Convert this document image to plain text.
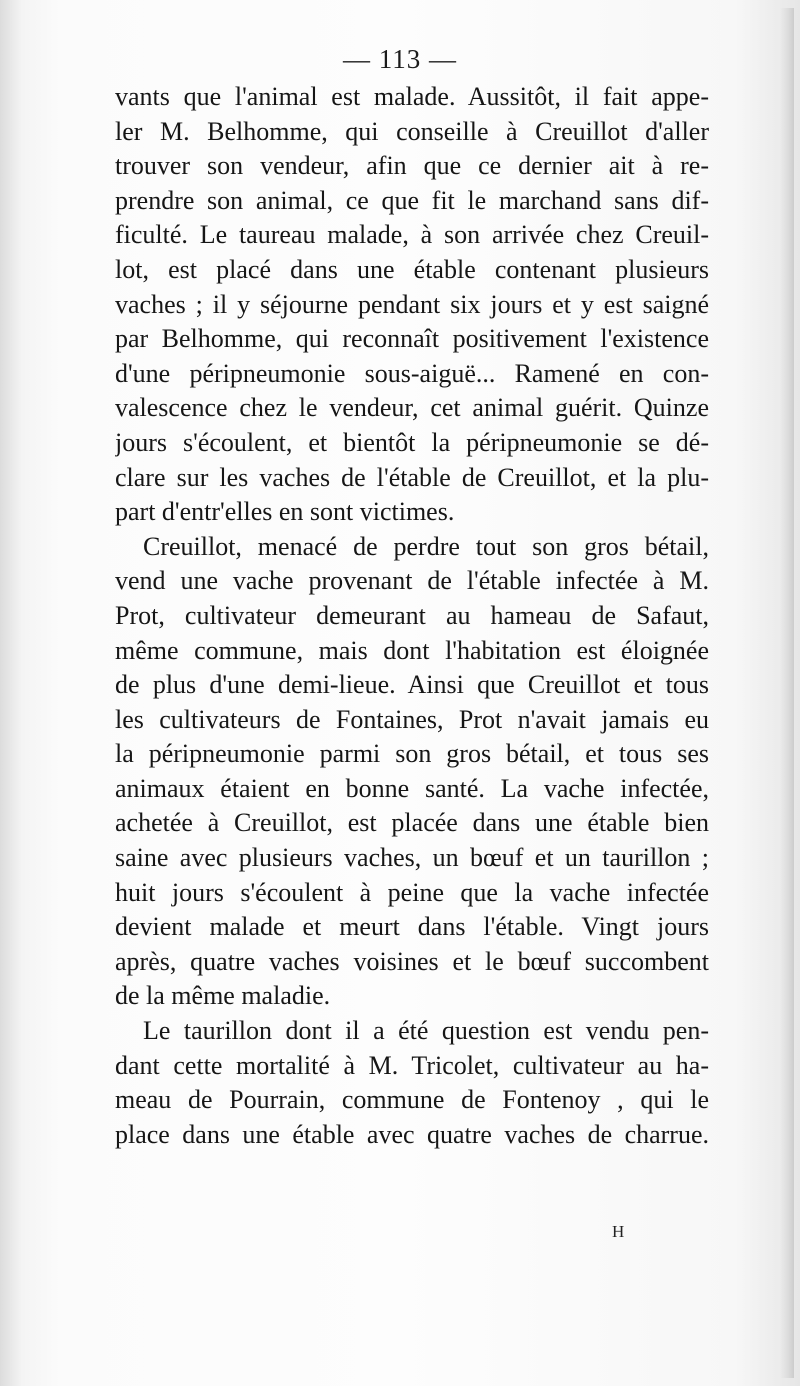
— 113 —
vants que l'animal est malade. Aussitôt, il fait appe-
ler M. Belhomme, qui conseille à Creuillot d'aller
trouver son vendeur, afin que ce dernier ait à re-
prendre son animal, ce que fit le marchand sans dif-
ficulté. Le taureau malade, à son arrivée chez Creuil-
lot, est placé dans une étable contenant plusieurs
vaches ; il y séjourne pendant six jours et y est saigné
par Belhomme, qui reconnaît positivement l'existence
d'une péripneumonie sous-aiguë... Ramené en con-
valescence chez le vendeur, cet animal guérit. Quinze
jours s'écoulent, et bientôt la péripneumonie se dé-
clare sur les vaches de l'étable de Creuillot, et la plu-
part d'entr'elles en sont victimes.
Creuillot, menacé de perdre tout son gros bétail,
vend une vache provenant de l'étable infectée à M.
Prot, cultivateur demeurant au hameau de Safaut,
même commune, mais dont l'habitation est éloignée
de plus d'une demi-lieue. Ainsi que Creuillot et tous
les cultivateurs de Fontaines, Prot n'avait jamais eu
la péripneumonie parmi son gros bétail, et tous ses
animaux étaient en bonne santé. La vache infectée,
achetée à Creuillot, est placée dans une étable bien
saine avec plusieurs vaches, un bœuf et un taurillon ;
huit jours s'écoulent à peine que la vache infectée
devient malade et meurt dans l'étable. Vingt jours
après, quatre vaches voisines et le bœuf succombent
de la même maladie.
Le taurillon dont il a été question est vendu pen-
dant cette mortalité à M. Tricolet, cultivateur au ha-
meau de Pourrain, commune de Fontenoy , qui le
place dans une étable avec quatre vaches de charrue.
H
